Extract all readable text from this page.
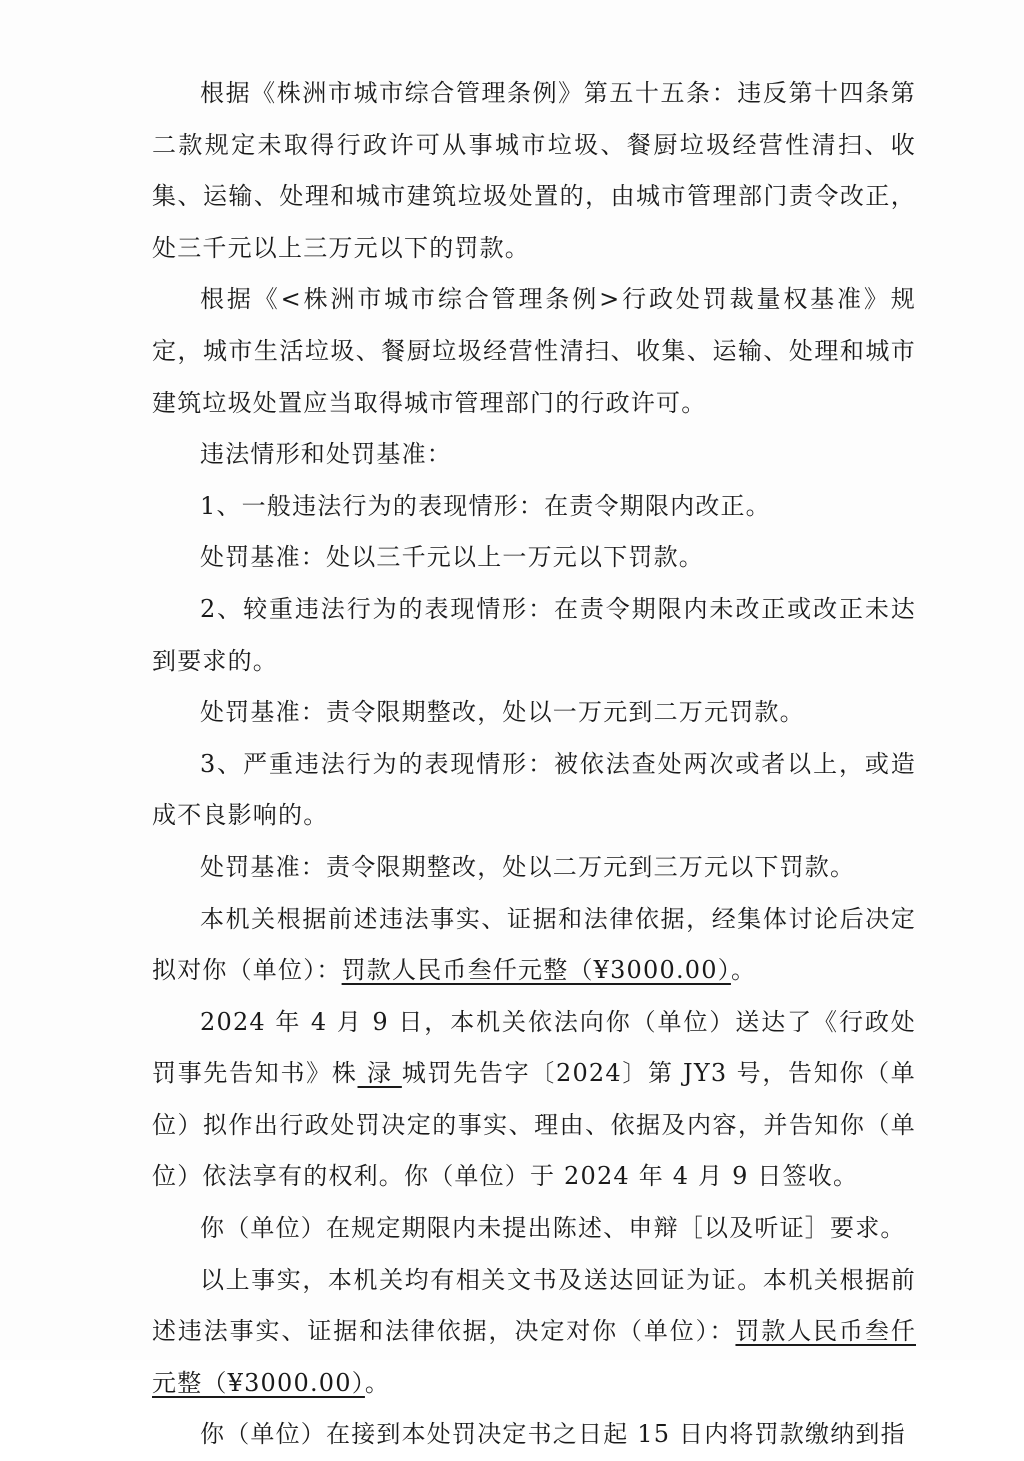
根据《株洲市城市综合管理条例》第五十五条：违反第十四条第二款规定未取得行政许可从事城市垃圾、餐厨垃圾经营性清扫、收集、运输、处理和城市建筑垃圾处置的，由城市管理部门责令改正，处三千元以上三万元以下的罚款。

根据《<株洲市城市综合管理条例>行政处罚裁量权基准》规定，城市生活垃圾、餐厨垃圾经营性清扫、收集、运输、处理和城市建筑垃圾处置应当取得城市管理部门的行政许可。

违法情形和处罚基准：

1、一般违法行为的表现情形：在责令期限内改正。

处罚基准：处以三千元以上一万元以下罚款。

2、较重违法行为的表现情形：在责令期限内未改正或改正未达到要求的。

处罚基准：责令限期整改，处以一万元到二万元罚款。

3、严重违法行为的表现情形：被依法查处两次或者以上，或造成不良影响的。

处罚基准：责令限期整改，处以二万元到三万元以下罚款。

本机关根据前述违法事实、证据和法律依据，经集体讨论后决定拟对你（单位）：罚款人民币叁仟元整（¥3000.00）。

2024 年 4 月 9 日，本机关依法向你（单位）送达了《行政处罚事先告知书》株 渌 城罚先告字〔2024〕第 JY3 号，告知你（单位）拟作出行政处罚决定的事实、理由、依据及内容，并告知你（单位）依法享有的权利。你（单位）于 2024 年 4 月 9 日签收。

你（单位）在规定期限内未提出陈述、申辩［以及听证］要求。

以上事实，本机关均有相关文书及送达回证为证。本机关根据前述违法事实、证据和法律依据，决定对你（单位）：罚款人民币叁仟元整（¥3000.00）。

你（单位）在接到本处罚决定书之日起 15 日内将罚款缴纳到指
